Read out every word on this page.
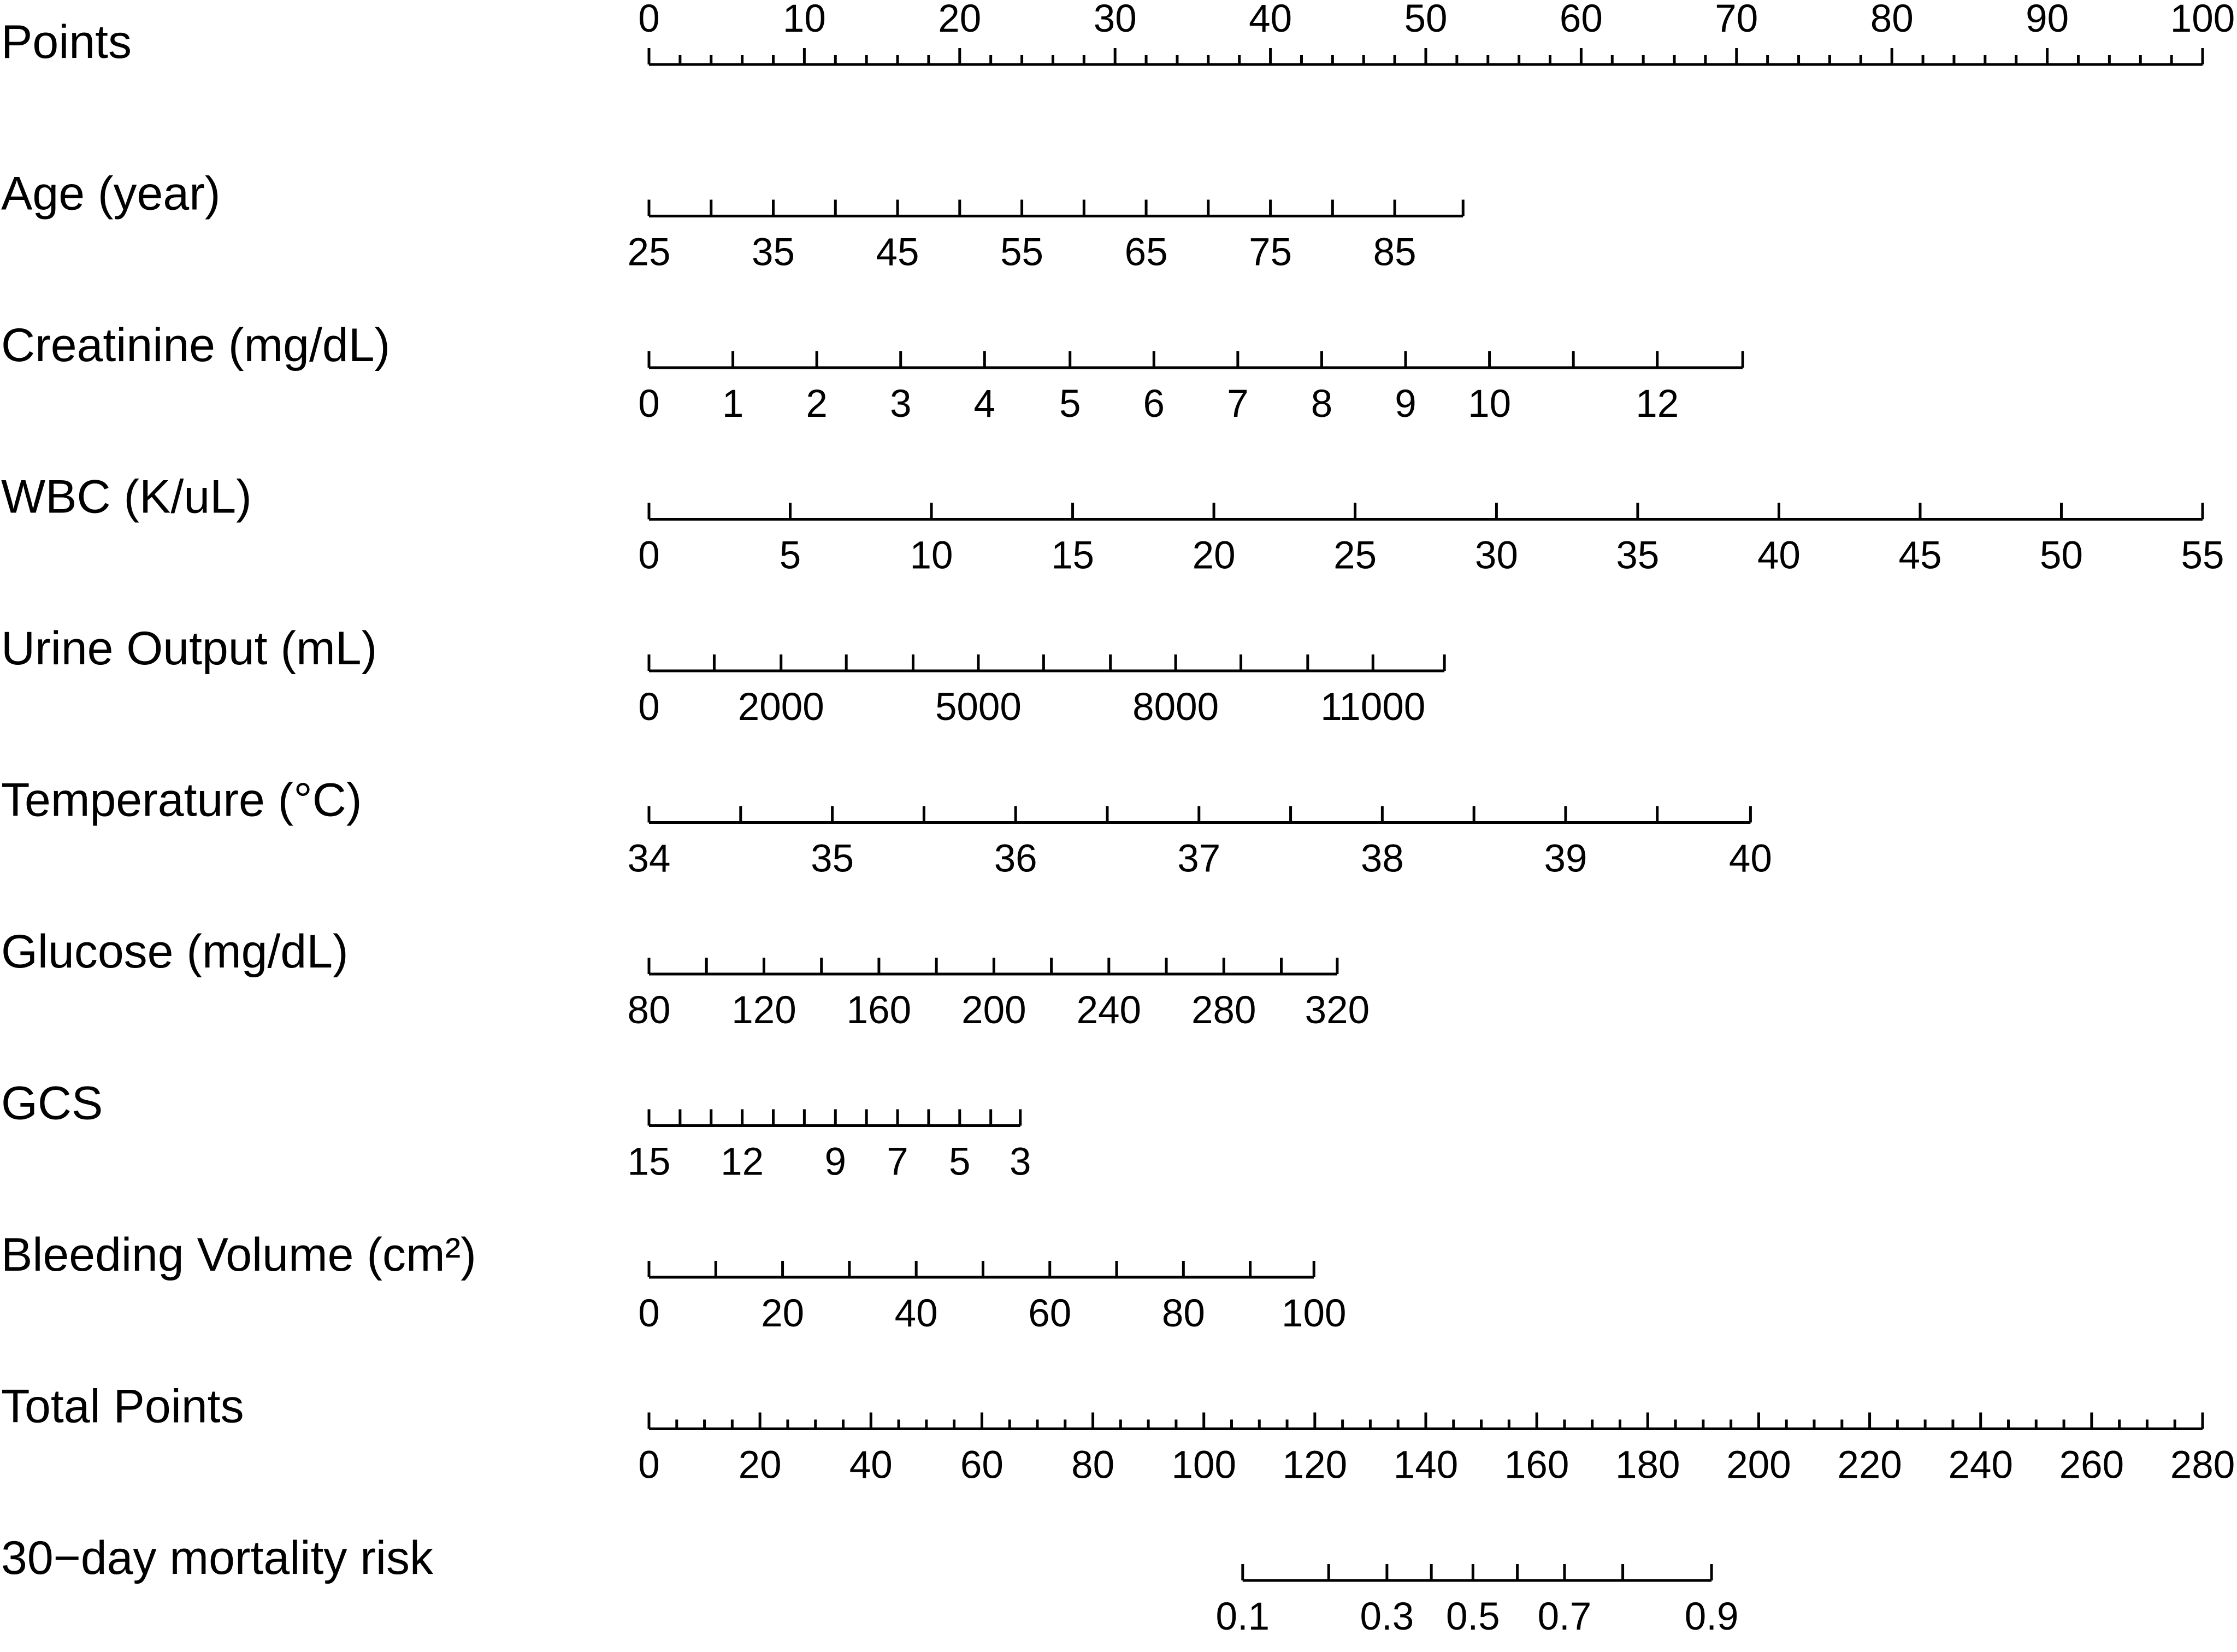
Points	0	10	20	30	40	50	60	70	80	90	100
Age (year)
25 35 45 55 65 75 85
Creatinine (mg/dL)
0 1 2 3 4 5 6 7 8 9 10	12
WBC (K/uL)
0	5	10	15	20	25	30	35	40	45	50	55
Urine Output (mL)
0 2000	5000	8000	11000
Temperature (°C)
34	35	36	37	38	39	40
Glucose (mg/dL)
80 120 160 200 240 280 320
GCS
15 12 9 7 5 3
Bleeding Volume (cm²)
0	20 40 60 80 100
Total Points
0 20 40 60 80 100 120 140 160 180 200 220 240 260 280
30−day mortality risk
0.1 0.3 0.5 0.7 0.9
